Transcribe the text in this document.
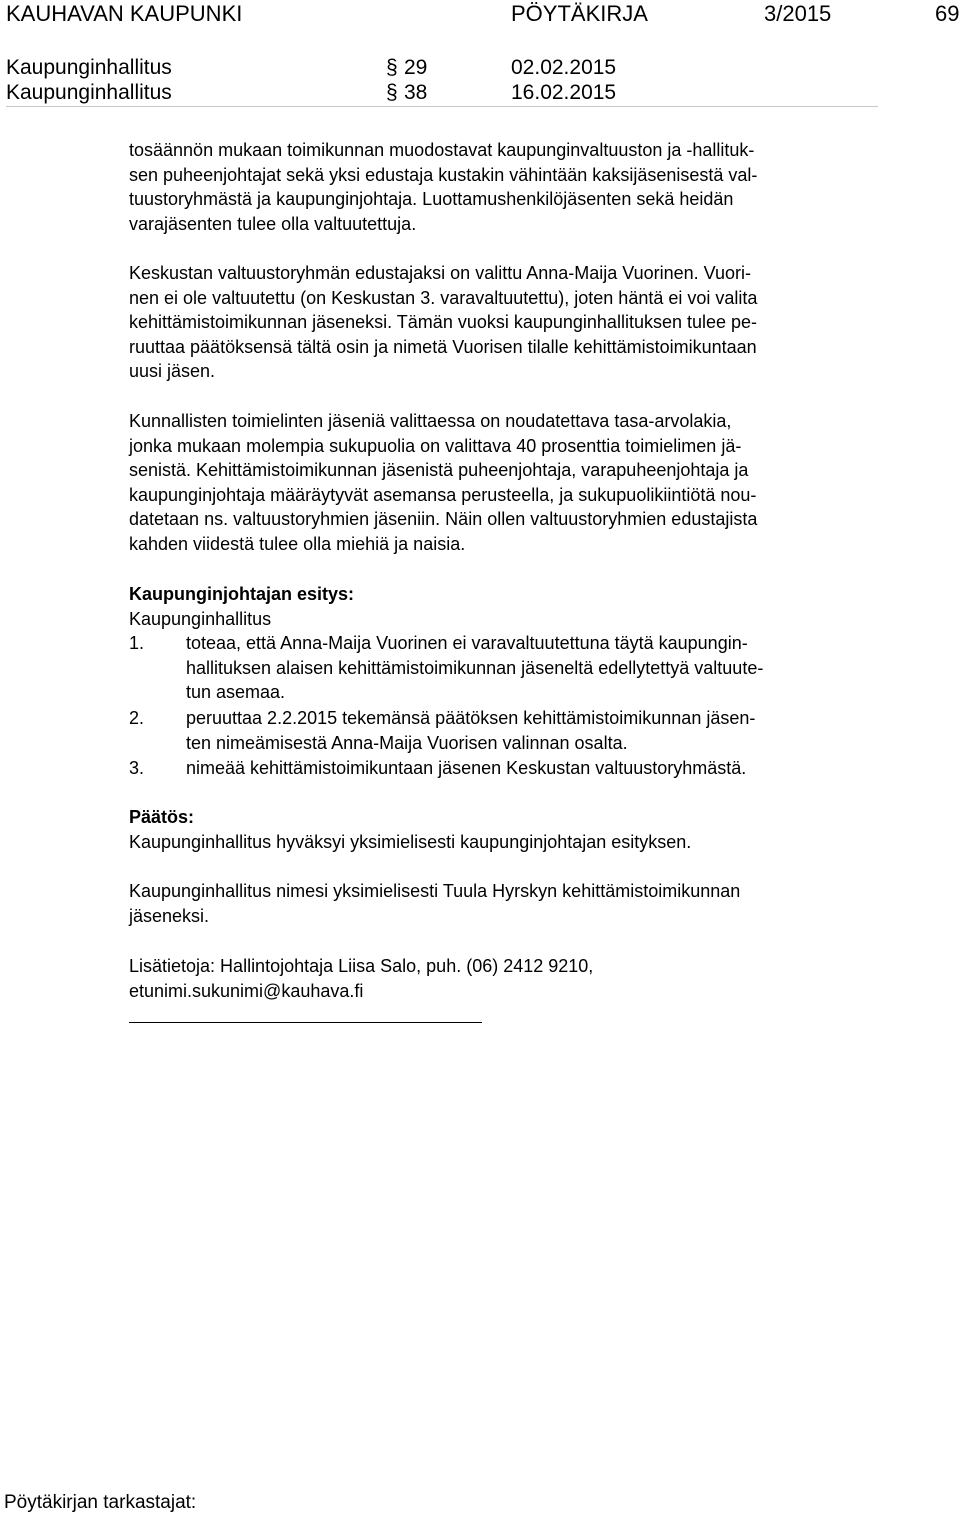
KAUHAVAN KAUPUNKI	PÖYTÄKIRJA	3/2015	69
Kaupunginhallitus	§ 29	02.02.2015
Kaupunginhallitus	§ 38	16.02.2015
tosäännön mukaan toimikunnan muodostavat kaupunginvaltuuston ja -hallituk-
sen puheenjohtajat sekä yksi edustaja kustakin vähintään kaksijäsenisestä val-
tuustoryhmästä ja kaupunginjohtaja. Luottamushenkilöjäsenten sekä heidän
varajäsenten tulee olla valtuutettuja.
Keskustan valtuustoryhmän edustajaksi on valittu Anna-Maija Vuorinen. Vuori-
nen ei ole valtuutettu (on Keskustan 3. varavaltuutettu), joten häntä ei voi valita
kehittämistoimikunnan jäseneksi. Tämän vuoksi kaupunginhallituksen tulee pe-
ruuttaa päätöksensä tältä osin ja nimetä Vuorisen tilalle kehittämistoimikuntaan
uusi jäsen.
Kunnallisten toimielinten jäseniä valittaessa on noudatettava tasa-arvolakia,
jonka mukaan molempia sukupuolia on valittava 40 prosenttia toimielimen jä-
senistä. Kehittämistoimikunnan jäsenistä puheenjohtaja, varapuheenjohtaja ja
kaupunginjohtaja määräytyvät asemansa perusteella, ja sukupuolikiintiötä nou-
datetaan ns. valtuustoryhmien jäseniin. Näin ollen valtuustoryhmien edustajista
kahden viidestä tulee olla miehiä ja naisia.
Kaupunginjohtajan esitys:
Kaupunginhallitus
1. toteaa, että Anna-Maija Vuorinen ei varavaltuutettuna täytä kaupungin-
hallituksen alaisen kehittämistoimikunnan jäseneltä edellytettyä valtuute-
tun asemaa.
2. peruuttaa 2.2.2015 tekemänsä päätöksen kehittämistoimikunnan jäsen-
ten nimeämisestä Anna-Maija Vuorisen valinnan osalta.
3. nimeää kehittämistoimikuntaan jäsenen Keskustan valtuustoryhmästä.
Päätös:
Kaupunginhallitus hyväksyi yksimielisesti kaupunginjohtajan esityksen.
Kaupunginhallitus nimesi yksimielisesti Tuula Hyrskyn kehittämistoimikunnan
jäseneksi.
Lisätietoja: Hallintojohtaja Liisa Salo, puh. (06) 2412 9210,
etunimi.sukunimi@kauhava.fi
Pöytäkirjan tarkastajat:
